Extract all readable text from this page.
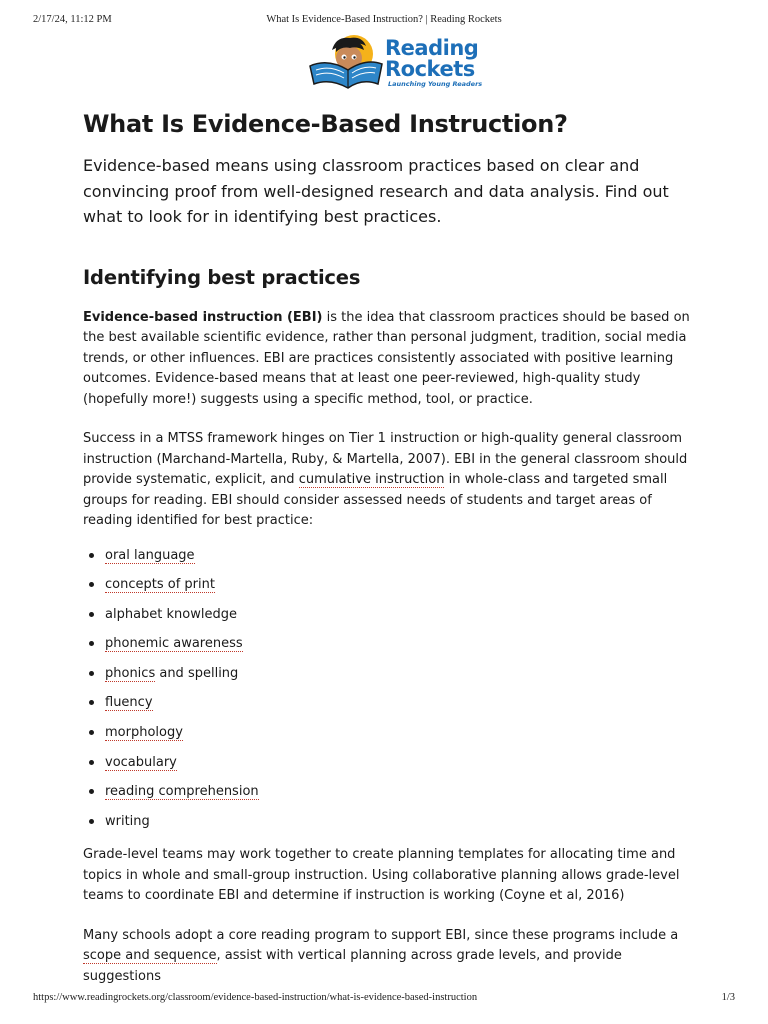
2/17/24, 11:12 PM	What Is Evidence-Based Instruction? | Reading Rockets
Reading
Rockets
Launching Young Readers
What Is Evidence-Based Instruction?

Evidence-based means using classroom practices based on clear and convincing proof from well-designed research and data analysis. Find out what to look for in identifying best practices.

Identifying best practices

Evidence-based instruction (EBI) is the idea that classroom practices should be based on the best available scientific evidence, rather than personal judgment, tradition, social media trends, or other influences. EBI are practices consistently associated with positive learning outcomes. Evidence-based means that at least one peer-reviewed, high-quality study (hopefully more!) suggests using a specific method, tool, or practice.

Success in a MTSS framework hinges on Tier 1 instruction or high-quality general classroom instruction (Marchand-Martella, Ruby, & Martella, 2007). EBI in the general classroom should provide systematic, explicit, and cumulative instruction in whole-class and targeted small groups for reading. EBI should consider assessed needs of students and target areas of reading identified for best practice:

oral language
concepts of print
alphabet knowledge
phonemic awareness
phonics and spelling
fluency
morphology
vocabulary
reading comprehension
writing

Grade-level teams may work together to create planning templates for allocating time and topics in whole and small-group instruction. Using collaborative planning allows grade-level teams to coordinate EBI and determine if instruction is working (Coyne et al, 2016)

Many schools adopt a core reading program to support EBI, since these programs include a scope and sequence, assist with vertical planning across grade levels, and provide suggestions

https://www.readingrockets.org/classroom/evidence-based-instruction/what-is-evidence-based-instruction	1/3
